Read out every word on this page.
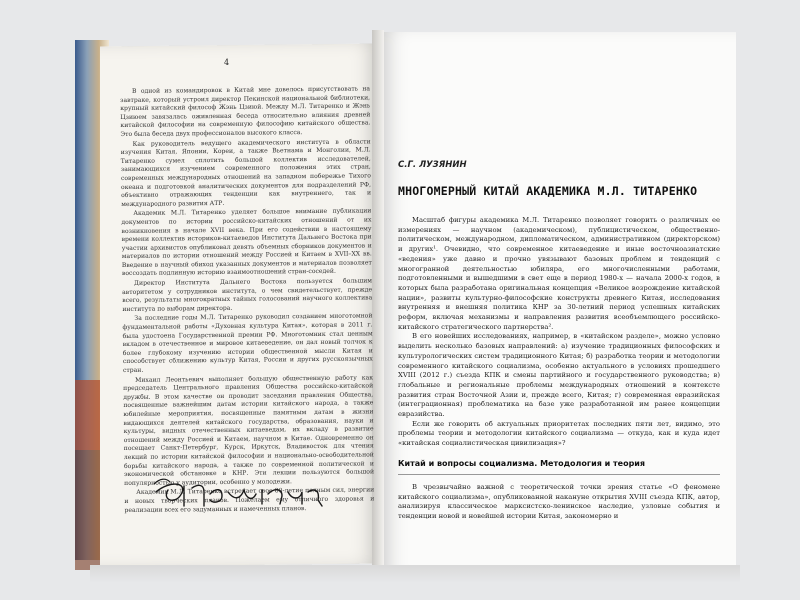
4

В одной из командировок в Китай мне довелось присутствовать на завтраке, который устроил директор Пекинской национальной библиотеки, крупный китайский философ Жэнь Цзиюй. Между М.Л. Титаренко и Жэнь Цзиюем завязалась оживленная беседа относительно влияния древней китайской философии на современную философию китайского общества. Это была беседа двух профессионалов высокого класса.

Как руководитель ведущего академического института в области изучения Китая, Японии, Кореи, а также Вьетнама и Монголии, М.Л. Титаренко сумел сплотить большой коллектив исследователей, занимающихся изучением современного положения этих стран, современных международных отношений на западном побережье Тихого океана и подготовкой аналитических документов для подразделений РФ, объективно отражающих тенденции как внутреннего, так и международного развития АТР.

Академик М.Л. Титаренко уделяет большое внимание публикации документов по истории российско-китайских отношений от их возникновения в начале XVII века. При его содействии в настоящему времени коллектив историков-китаеведов Института Дальнего Востока при участии архивистов опубликовал девять объемных сборников документов и материалов по истории отношений между Россией и Китаем в XVII–XX вв. Введение в научный обиход указанных документов и материалов позволяет воссоздать подлинную историю взаимоотношений стран-соседей.

Директор Института Дальнего Востока пользуется большим авторитетом у сотрудников института, о чем свидетельствует, прежде всего, результаты многократных тайных голосований научного коллектива института по выборам директора.

За последние годы М.Л. Титаренко руководил созданием многотомной фундаментальной работы «Духовная культура Китая», которая в 2011 г. была удостоена Государственной премии РФ. Многотомник стал ценным вкладом в отечественное и мировое китаеведение, он дал новый толчок к более глубокому изучению истории общественной мысли Китая и способствует сближению культур Китая, России и других русскоязычных стран.

Михаил Леонтьевич выполняет большую общественную работу как председатель Центрального правления Общества российско-китайской дружбы. В этом качестве он проводит заседания правления Общества, посвященные важнейшим датам истории китайского народа, а также юбилейные мероприятия, посвященные памятным датам в жизни видающихся деятелей китайского государства, образования, науки и культуры, видных отечественных китаеведам, их вкладу в развитие отношений между Россией и Китаем, научном в Китае. Одновременно он посещает Санкт-Петербург, Курск, Иркутск, Владивосток для чтения лекций по истории китайской философии и национально-освободительной борьбы китайского народа, а также по современной политической и экономической обстановке в КНР. Эти лекции пользуются большой популярностью у аудитории, особенно у молодежи.

Академик М.Л. Титаренко встречает свое 80-летие полным сил, энергии и новых творческих планов. Пожелаем ему отличного здоровья и реализации всех его задуманных и намеченных планов.

С.Г. ЛУЗЯНИН
МНОГОМЕРНЫЙ КИТАЙ АКАДЕМИКА М.Л. ТИТАРЕНКО

Масштаб фигуры академика М.Л. Титаренко позволяет говорить о различных ее измерениях — научном (академическом), публицистическом, общественно-политическом, международном, дипломатическом, административном (директорском) и других¹. Очевидно, что современное китаеведение и иные восточноазиатские «ведения» уже давно и прочно увязывают базовых проблем и тенденций с многогранной деятельностью юбиляра, его многочисленными работами, подготовленными и вышедшими в свет еще в период 1980-х — начала 2000-х годов, в которых была разработана оригинальная концепция «Великое возрождение китайской нации», развиты культурно-философские конструкты древнего Китая, исследования внутренняя и внешняя политика КНР за 30-летний период успешных китайских реформ, включая механизмы и направления развития всеобъемлющего российско-китайского стратегического партнерства².

В его новейших исследованиях, например, в «китайском разделе», можно условно выделить несколько базовых направлений: а) изучение традиционных философских и культурологических систем традиционного Китая; б) разработка теории и методологии современного китайского социализма, особенно актуального в условиях прошедшего XVIII (2012 г.) съезда КПК и смены партийного и государственного руководства; в) глобальные и региональные проблемы международных отношений в контексте развития стран Восточной Азии и, прежде всего, Китая; г) современная евразийская (интеграционная) проблематика на базе уже разработанной им ранее концепции евразийства.

Если же говорить об актуальных приоритетах последних пяти лет, видимо, это проблемы теории и методологии китайского социализма — откуда, как и куда идет «китайская социалистическая цивилизация»?

Китай и вопросы социализма. Методология и теория

В чрезвычайно важной с теоретической точки зрения статье «О феномене китайского социализма», опубликованной накануне открытия XVIII съезда КПК, автор, анализируя классическое марксистско-ленинское наследие, узловые события и тенденции новой и новейшей истории Китая, закономерно и
